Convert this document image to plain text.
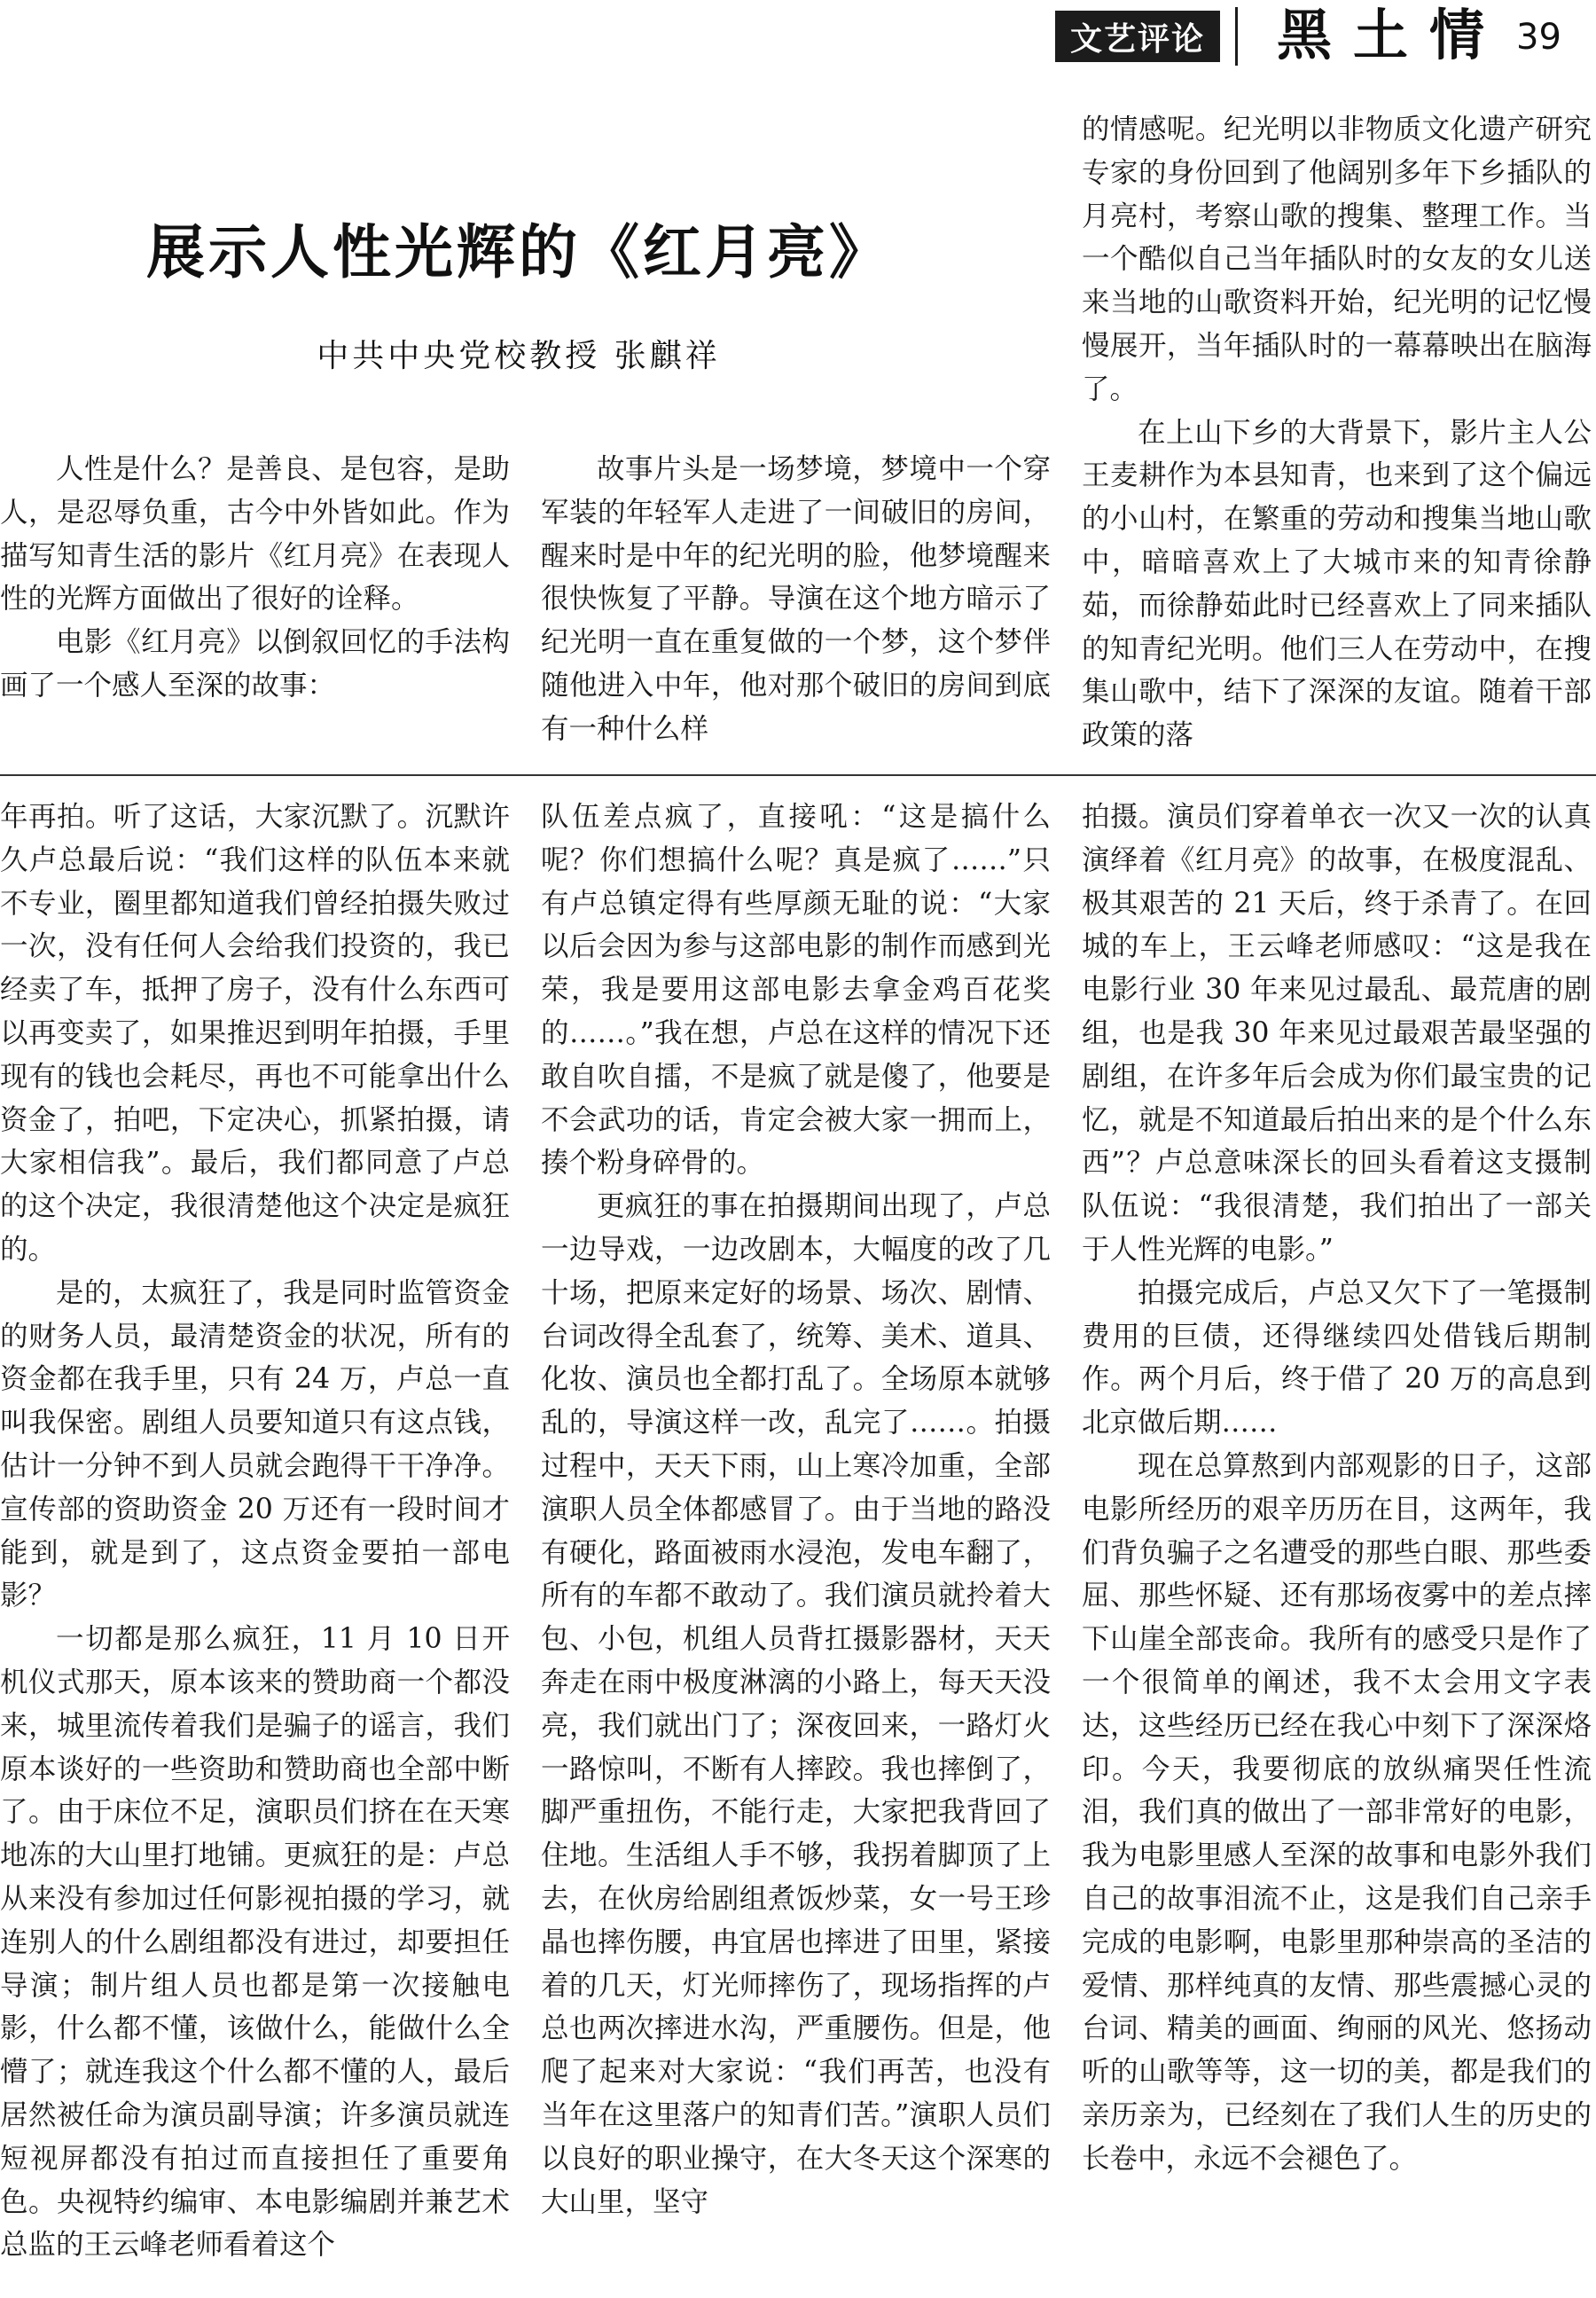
文艺评论 黑土情 39
展示人性光辉的《红月亮》
中共中央党校教授 张麒祥

人性是什么？是善良、是包容，是助人，是忍辱负重，古今中外皆如此。作为描写知青生活的影片《红月亮》在表现人性的光辉方面做出了很好的诠释。

电影《红月亮》以倒叙回忆的手法构画了一个感人至深的故事：

故事片头是一场梦境，梦境中一个穿军装的年轻军人走进了一间破旧的房间，醒来时是中年的纪光明的脸，他梦境醒来很快恢复了平静。导演在这个地方暗示了纪光明一直在重复做的一个梦，这个梦伴随他进入中年，他对那个破旧的房间到底有一种什么样

的情感呢。纪光明以非物质文化遗产研究专家的身份回到了他阔别多年下乡插队的月亮村，考察山歌的搜集、整理工作。当一个酷似自己当年插队时的女友的女儿送来当地的山歌资料开始，纪光明的记忆慢慢展开，当年插队时的一幕幕映出在脑海了。

在上山下乡的大背景下，影片主人公王麦耕作为本县知青，也来到了这个偏远的小山村，在繁重的劳动和搜集当地山歌中，暗暗喜欢上了大城市来的知青徐静茹，而徐静茹此时已经喜欢上了同来插队的知青纪光明。他们三人在劳动中，在搜集山歌中，结下了深深的友谊。随着干部政策的落

年再拍。听了这话，大家沉默了。沉默许久卢总最后说：“我们这样的队伍本来就不专业，圈里都知道我们曾经拍摄失败过一次，没有任何人会给我们投资的，我已经卖了车，抵押了房子，没有什么东西可以再变卖了，如果推迟到明年拍摄，手里现有的钱也会耗尽，再也不可能拿出什么资金了，拍吧，下定决心，抓紧拍摄，请大家相信我”。最后，我们都同意了卢总的这个决定，我很清楚他这个决定是疯狂的。

是的，太疯狂了，我是同时监管资金的财务人员，最清楚资金的状况，所有的资金都在我手里，只有 24 万，卢总一直叫我保密。剧组人员要知道只有这点钱，估计一分钟不到人员就会跑得干干净净。宣传部的资助资金 20 万还有一段时间才能到，就是到了，这点资金要拍一部电影？

一切都是那么疯狂，11 月 10 日开机仪式那天，原本该来的赞助商一个都没来，城里流传着我们是骗子的谣言，我们原本谈好的一些资助和赞助商也全部中断了。由于床位不足，演职员们挤在在天寒地冻的大山里打地铺。更疯狂的是：卢总从来没有参加过任何影视拍摄的学习，就连别人的什么剧组都没有进过，却要担任导演；制片组人员也都是第一次接触电影，什么都不懂，该做什么，能做什么全懵了；就连我这个什么都不懂的人，最后居然被任命为演员副导演；许多演员就连短视屏都没有拍过而直接担任了重要角色。央视特约编审、本电影编剧并兼艺术总监的王云峰老师看着这个

队伍差点疯了，直接吼：“这是搞什么呢？你们想搞什么呢？真是疯了……”只有卢总镇定得有些厚颜无耻的说：“大家以后会因为参与这部电影的制作而感到光荣，我是要用这部电影去拿金鸡百花奖的……。”我在想，卢总在这样的情况下还敢自吹自擂，不是疯了就是傻了，他要是不会武功的话，肯定会被大家一拥而上，揍个粉身碎骨的。

更疯狂的事在拍摄期间出现了，卢总一边导戏，一边改剧本，大幅度的改了几十场，把原来定好的场景、场次、剧情、台词改得全乱套了，统筹、美术、道具、化妆、演员也全都打乱了。全场原本就够乱的，导演这样一改，乱完了……。拍摄过程中，天天下雨，山上寒冷加重，全部演职人员全体都感冒了。由于当地的路没有硬化，路面被雨水浸泡，发电车翻了，所有的车都不敢动了。我们演员就拎着大包、小包，机组人员背扛摄影器材，天天奔走在雨中极度淋漓的小路上，每天天没亮，我们就出门了；深夜回来，一路灯火一路惊叫，不断有人摔跤。我也摔倒了，脚严重扭伤，不能行走，大家把我背回了住地。生活组人手不够，我拐着脚顶了上去，在伙房给剧组煮饭炒菜，女一号王珍晶也摔伤腰，冉宜居也摔进了田里，紧接着的几天，灯光师摔伤了，现场指挥的卢总也两次摔进水沟，严重腰伤。但是，他爬了起来对大家说：“我们再苦，也没有当年在这里落户的知青们苦。”演职人员们以良好的职业操守，在大冬天这个深寒的大山里，坚守

拍摄。演员们穿着单衣一次又一次的认真演绎着《红月亮》的故事，在极度混乱、极其艰苦的 21 天后，终于杀青了。在回城的车上，王云峰老师感叹：“这是我在电影行业 30 年来见过最乱、最荒唐的剧组，也是我 30 年来见过最艰苦最坚强的剧组，在许多年后会成为你们最宝贵的记忆，就是不知道最后拍出来的是个什么东西”？卢总意味深长的回头看着这支摄制队伍说：“我很清楚，我们拍出了一部关于人性光辉的电影。”

拍摄完成后，卢总又欠下了一笔摄制费用的巨债，还得继续四处借钱后期制作。两个月后，终于借了 20 万的高息到北京做后期……

现在总算熬到内部观影的日子，这部电影所经历的艰辛历历在目，这两年，我们背负骗子之名遭受的那些白眼、那些委屈、那些怀疑、还有那场夜雾中的差点摔下山崖全部丧命。我所有的感受只是作了一个很简单的阐述，我不太会用文字表达，这些经历已经在我心中刻下了深深烙印。今天，我要彻底的放纵痛哭任性流泪，我们真的做出了一部非常好的电影，我为电影里感人至深的故事和电影外我们自己的故事泪流不止，这是我们自己亲手完成的电影啊，电影里那种崇高的圣洁的爱情、那样纯真的友情、那些震撼心灵的台词、精美的画面、绚丽的风光、悠扬动听的山歌等等，这一切的美，都是我们的亲历亲为，已经刻在了我们人生的历史的长卷中，永远不会褪色了。
